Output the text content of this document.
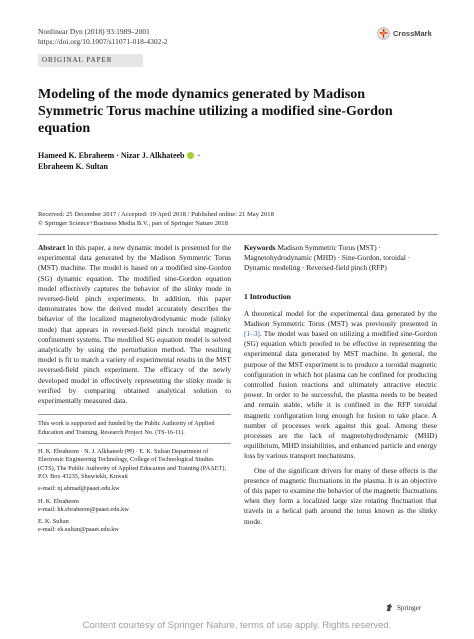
Nonlinear Dyn (2018) 93:1989–2001
https://doi.org/10.1007/s11071-018-4302-2
CrossMark
ORIGINAL PAPER
Modeling of the mode dynamics generated by Madison Symmetric Torus machine utilizing a modified sine-Gordon equation
Hameed K. Ebraheem · Nizar J. Alkhateeb ·
Ebraheem K. Sultan
Received: 25 December 2017 / Accepted: 19 April 2018 / Published online: 21 May 2018
© Springer Science+Business Media B.V., part of Springer Nature 2018

Abstract In this paper, a new dynamic model is presented for the experimental data generated by the Madison Symmetric Torus (MST) machine. The model is based on a modified sine-Gordon (SG) dynamic equation. The modified sine-Gordon equation model effectively captures the behavior of the slinky mode in reversed-field pinch experiments. In addition, this paper demonstrates how the derived model accurately describes the behavior of the localized magnetohydrodynamic mode (slinky mode) that appears in reversed-field pinch toroidal magnetic confinement systems. The modified SG equation model is solved analytically by using the perturbation method. The resulting model is fit to match a variety of experimental results in the MST reversed-field pinch experiment. The efficacy of the newly developed model in effectively representing the slinky mode is verified by comparing obtained analytical solution to experimentally measured data.

This work is supported and funded by the Public Authority of Applied Education and Training, Research Project No. (TS-16-11).

H. K. Ebraheem · N. J. Alkhateeb (✉) · E. K. Sultan Department of Electronic Engineering Technology, College of Technological Studies (CTS), The Public Authority of Applied Education and Training (PAAET), P.O. Box 43235, Shuwiekh, Kuwait

e-mail: nj.ahmad@paaet.edu.kw

H. K. Ebraheem

e-mail: hk.ebraheem@paaet.edu.kw

E. K. Sultan

e-mail: ek.sultan@paaet.edu.kw

Keywords Madison Symmetric Torus (MST) · Magnetohydrodynamic (MHD) · Sine-Gordon, toroidal · Dynamic modeling · Reversed-field pinch (RFP)

1 Introduction

A theoretical model for the experimental data generated by the Madison Symmetric Torus (MST) was previously presented in [1–3]. The model was based on utilizing a modified sine-Gordon (SG) equation which proofed to be effective in representing the experimental data generated by MST machine. In general, the purpose of the MST experiment is to produce a toroidal magnetic configuration in which hot plasma can be confined for producing controlled fusion reactions and ultimately attractive electric power. In order to be successful, the plasma needs to be heated and remain stable, while it is confined in the RFP toroidal magnetic configuration long enough for fusion to take place. A number of processes work against this goal. Among these processes are the lack of magnetohydrodynamic (MHD) equilibrium, MHD instabilities, and enhanced particle and energy loss by various transport mechanisms.

One of the significant drivers for many of these effects is the presence of magnetic fluctuations in the plasma. It is an objective of this paper to examine the behavior of the magnetic fluctuations when they form a localized large size rotating fluctuation that travels in a helical path around the torus known as the slinky mode.

Springer
Content courtesy of Springer Nature, terms of use apply. Rights reserved.
